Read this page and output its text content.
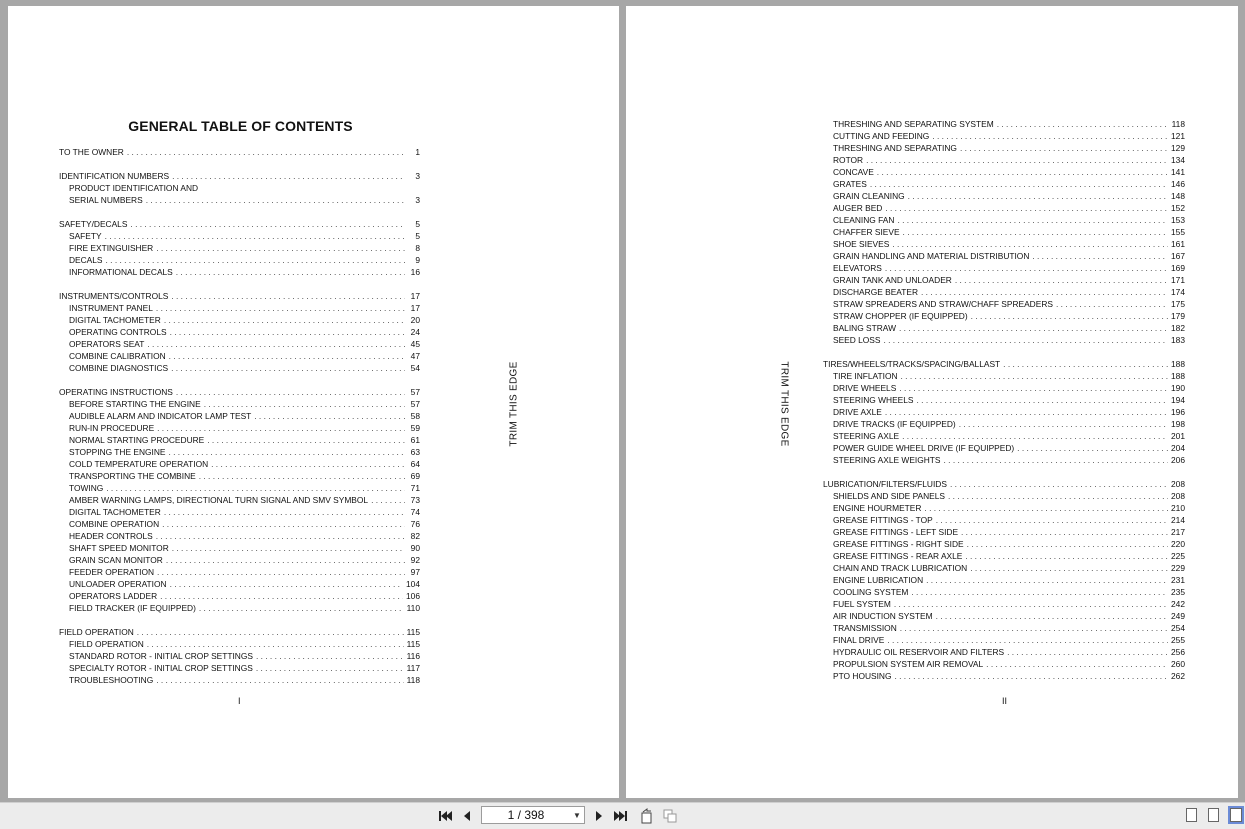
GENERAL TABLE OF CONTENTS
TO THE OWNER . . .	1
IDENTIFICATION NUMBERS . . .	3
PRODUCT IDENTIFICATION AND
SERIAL NUMBERS . . .	3
SAFETY/DECALS . . .	5
SAFETY . . .	5
FIRE EXTINGUISHER . . .	8
DECALS . . .	9
INFORMATIONAL DECALS . . .	16
INSTRUMENTS/CONTROLS . . .	17
INSTRUMENT PANEL . . .	17
DIGITAL TACHOMETER . . .	20
OPERATING CONTROLS . . .	24
OPERATORS SEAT . . .	45
COMBINE CALIBRATION . . .	47
COMBINE DIAGNOSTICS . . .	54
OPERATING INSTRUCTIONS . . .	57
BEFORE STARTING THE ENGINE . . .	57
AUDIBLE ALARM AND INDICATOR LAMP TEST . . .	58
RUN-IN PROCEDURE . . .	59
NORMAL STARTING PROCEDURE . . .	61
STOPPING THE ENGINE . . .	63
COLD TEMPERATURE OPERATION . . .	64
TRANSPORTING THE COMBINE . . .	69
TOWING . . .	71
AMBER WARNING LAMPS, DIRECTIONAL TURN SIGNAL AND SMV SYMBOL . . .	73
DIGITAL TACHOMETER . . .	74
COMBINE OPERATION . . .	76
HEADER CONTROLS . . .	82
SHAFT SPEED MONITOR . . .	90
GRAIN SCAN MONITOR . . .	92
FEEDER OPERATION . . .	97
UNLOADER OPERATION . . .	104
OPERATORS LADDER . . .	106
FIELD TRACKER (IF EQUIPPED) . . .	110
FIELD OPERATION . . .	115
FIELD OPERATION . . .	115
STANDARD ROTOR - INITIAL CROP SETTINGS . . .	116
SPECIALTY ROTOR - INITIAL CROP SETTINGS . . .	117
TROUBLESHOOTING . . .	118
TRIM THIS EDGE
I
THRESHING AND SEPARATING SYSTEM . . .	118
CUTTING AND FEEDING . . .	121
THRESHING AND SEPARATING . . .	129
ROTOR . . .	134
CONCAVE . . .	141
GRATES . . .	146
GRAIN CLEANING . . .	148
AUGER BED . . .	152
CLEANING FAN . . .	153
CHAFFER SIEVE . . .	155
SHOE SIEVES . . .	161
GRAIN HANDLING AND MATERIAL DISTRIBUTION . . .	167
ELEVATORS . . .	169
GRAIN TANK AND UNLOADER . . .	171
DISCHARGE BEATER . . .	174
STRAW SPREADERS AND STRAW/CHAFF SPREADERS . . .	175
STRAW CHOPPER (IF EQUIPPED) . . .	179
BALING STRAW . . .	182
SEED LOSS . . .	183
TIRES/WHEELS/TRACKS/SPACING/BALLAST . . .	188
TIRE INFLATION . . .	188
DRIVE WHEELS . . .	190
STEERING WHEELS . . .	194
DRIVE AXLE . . .	196
DRIVE TRACKS (IF EQUIPPED) . . .	198
STEERING AXLE . . .	201
POWER GUIDE WHEEL DRIVE (IF EQUIPPED) . . .	204
STEERING AXLE WEIGHTS . . .	206
LUBRICATION/FILTERS/FLUIDS . . .	208
SHIELDS AND SIDE PANELS . . .	208
ENGINE HOURMETER . . .	210
GREASE FITTINGS - TOP . . .	214
GREASE FITTINGS - LEFT SIDE . . .	217
GREASE FITTINGS - RIGHT SIDE . . .	220
GREASE FITTINGS - REAR AXLE . . .	225
CHAIN AND TRACK LUBRICATION . . .	229
ENGINE LUBRICATION . . .	231
COOLING SYSTEM . . .	235
FUEL SYSTEM . . .	242
AIR INDUCTION SYSTEM . . .	249
TRANSMISSION . . .	254
FINAL DRIVE . . .	255
HYDRAULIC OIL RESERVOIR AND FILTERS . . .	256
PROPULSION SYSTEM AIR REMOVAL . . .	260
PTO HOUSING . . .	262
TRIM THIS EDGE
II
1 / 398	▼
